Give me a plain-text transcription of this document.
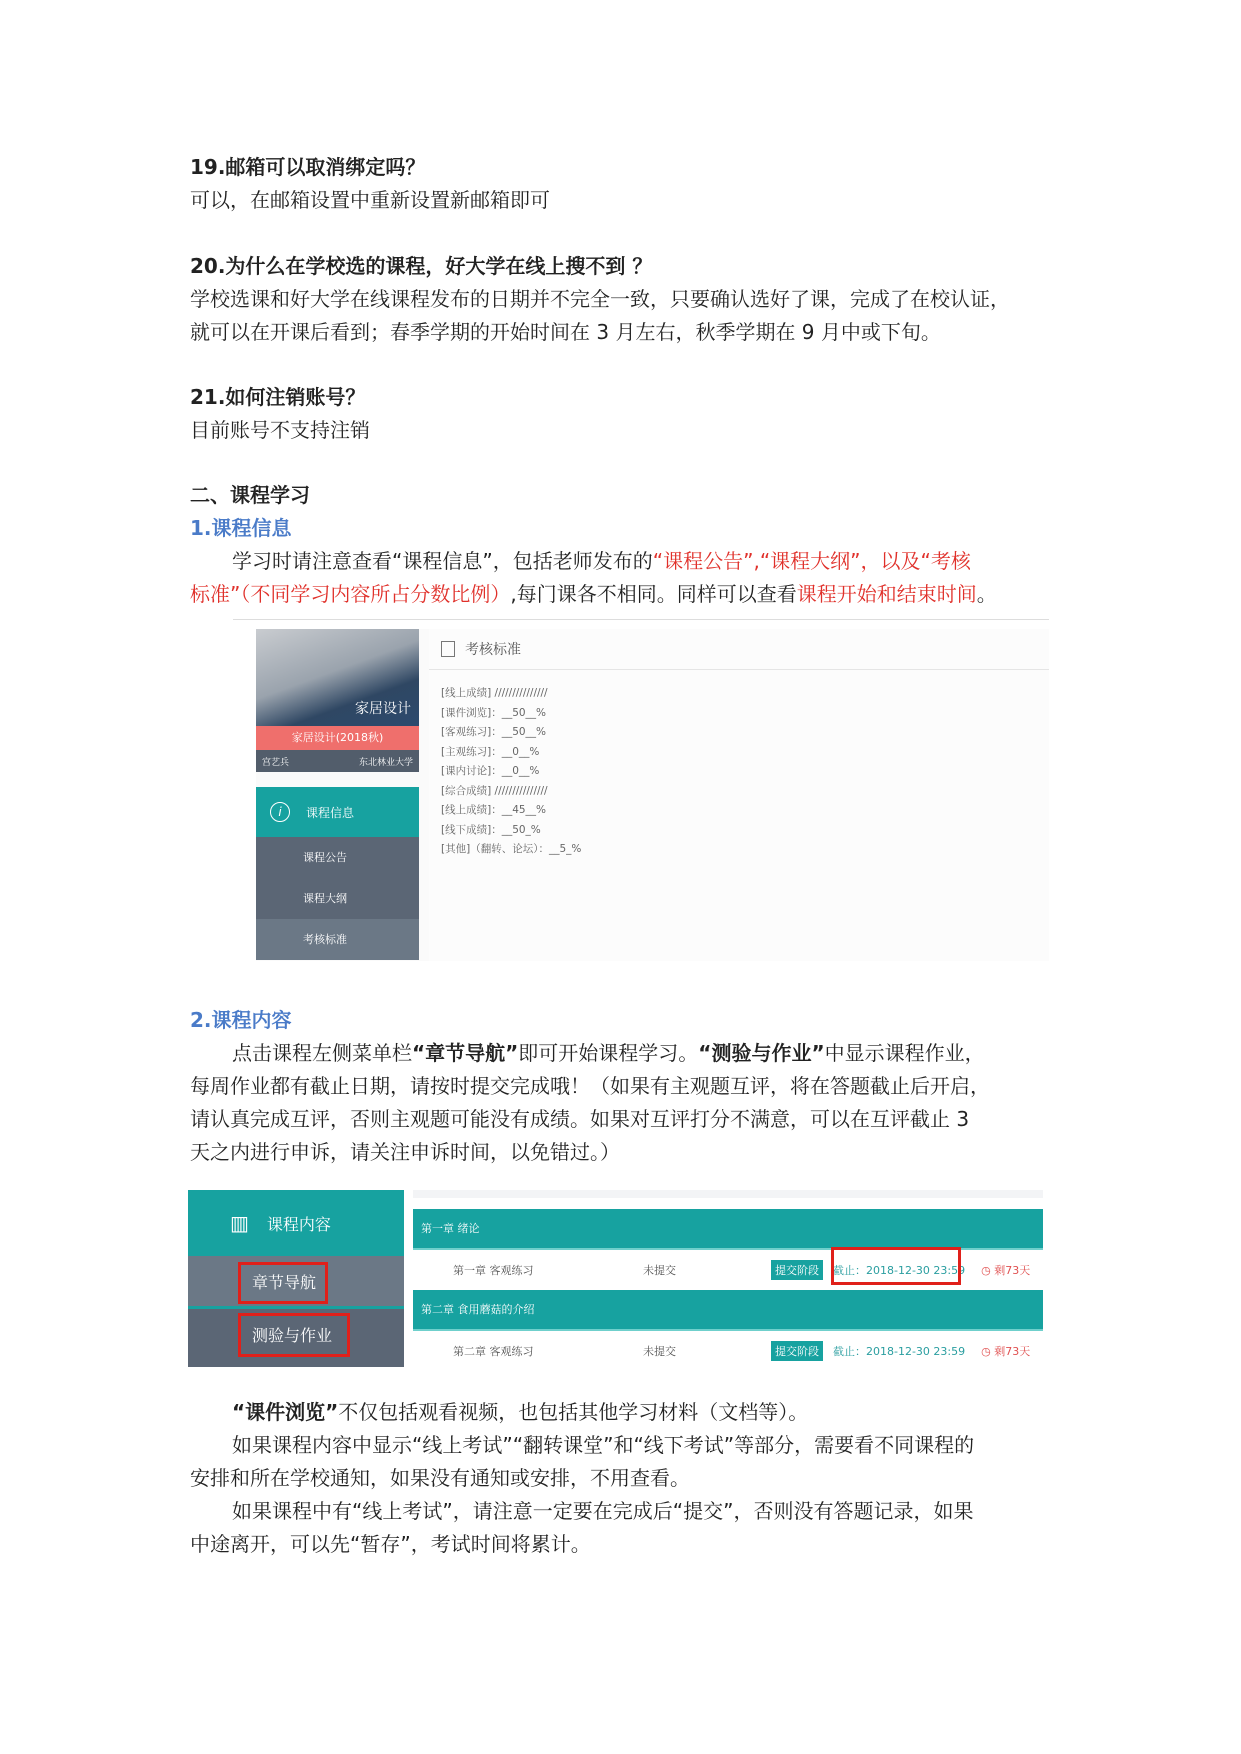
19.邮箱可以取消绑定吗？
可以，在邮箱设置中重新设置新邮箱即可
20.为什么在学校选的课程，好大学在线上搜不到 ？
学校选课和好大学在线课程发布的日期并不完全一致，只要确认选好了课，完成了在校认证，
就可以在开课后看到；春季学期的开始时间在 3 月左右，秋季学期在 9 月中或下旬。
21.如何注销账号？
目前账号不支持注销
二、课程学习
1.课程信息
学习时请注意查看“课程信息”，包括老师发布的“课程公告”,“课程大纲”，以及“考核
标准”（不同学习内容所占分数比例）,每门课各不相同。同样可以查看课程开始和结束时间。
家居设计
家居设计(2018秋)
宫艺兵	东北林业大学
i	课程信息
课程公告
课程大纲
考核标准
考核标准
[线上成绩] ///////////////
[课件浏览]：__50__%
[客观练习]：__50__%
[主观练习]：__0__%
[课内讨论]：__0__%
[综合成绩] ///////////////
[线上成绩]：__45__%
[线下成绩]：__50_%
[其他]（翻转、论坛）：__5_%
2.课程内容
点击课程左侧菜单栏“章节导航”即可开始课程学习。“测验与作业”中显示课程作业，
每周作业都有截止日期，请按时提交完成哦！（如果有主观题互评，将在答题截止后开启，
请认真完成互评，否则主观题可能没有成绩。如果对互评打分不满意，可以在互评截止 3
天之内进行申诉，请关注申诉时间，以免错过。）
▥ 课程内容
章节导航
测验与作业
第一章 绪论
第一章 客观练习	未提交	提交阶段	截止：2018-12-30 23:59 ◷ 剩73天
第二章 食用蘑菇的介绍
第二章 客观练习	未提交	提交阶段	截止：2018-12-30 23:59 ◷ 剩73天
“课件浏览”不仅包括观看视频，也包括其他学习材料（文档等）。
如果课程内容中显示“线上考试”“翻转课堂”和“线下考试”等部分，需要看不同课程的
安排和所在学校通知，如果没有通知或安排，不用查看。
如果课程中有“线上考试”，请注意一定要在完成后“提交”，否则没有答题记录，如果
中途离开，可以先“暂存”，考试时间将累计。
